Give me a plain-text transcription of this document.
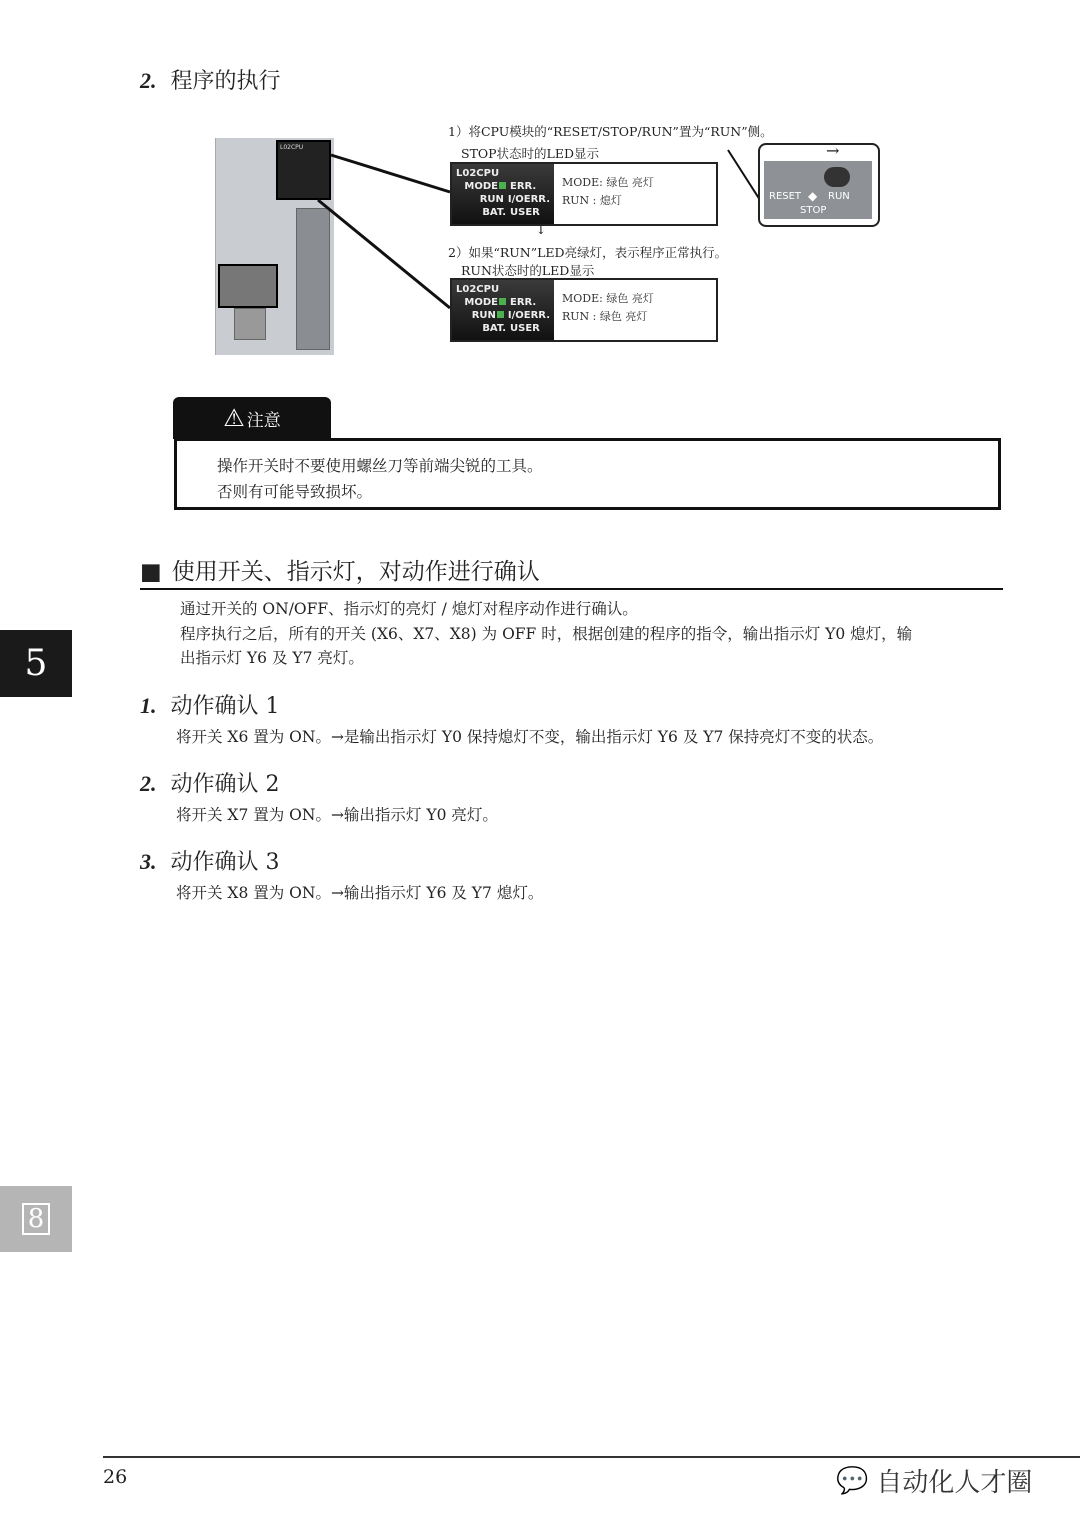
2. 程序的执行
L02CPU
1）将CPU模块的“RESET/STOP/RUN”置为“RUN”侧。
STOP状态时的LED显示
L02CPU
MODE	ERR.
RUN I/OERR.
BAT. USER
MODE: 绿色 亮灯
RUN : 熄灯
↓
2）如果“RUN”LED亮绿灯，表示程序正常执行。
RUN状态时的LED显示
L02CPU
MODE	ERR.
RUN	I/OERR.
BAT. USER
MODE: 绿色 亮灯
RUN : 绿色 亮灯
→
RESET ◆ RUN
STOP
⚠ 注意
操作开关时不要使用螺丝刀等前端尖锐的工具。
否则有可能导致损坏。
■ 使用开关、指示灯，对动作进行确认
通过开关的 ON/OFF、指示灯的亮灯 / 熄灯对程序动作进行确认。
程序执行之后，所有的开关 (X6、X7、X8) 为 OFF 时，根据创建的程序的指令，输出指示灯 Y0 熄灯，输
出指示灯 Y6 及 Y7 亮灯。
1. 动作确认 1
将开关 X6 置为 ON。→是输出指示灯 Y0 保持熄灯不变，输出指示灯 Y6 及 Y7 保持亮灯不变的状态。
2. 动作确认 2
将开关 X7 置为 ON。→输出指示灯 Y0 亮灯。
3. 动作确认 3
将开关 X8 置为 ON。→输出指示灯 Y6 及 Y7 熄灯。
5
8
26	💬 自动化人才圈
